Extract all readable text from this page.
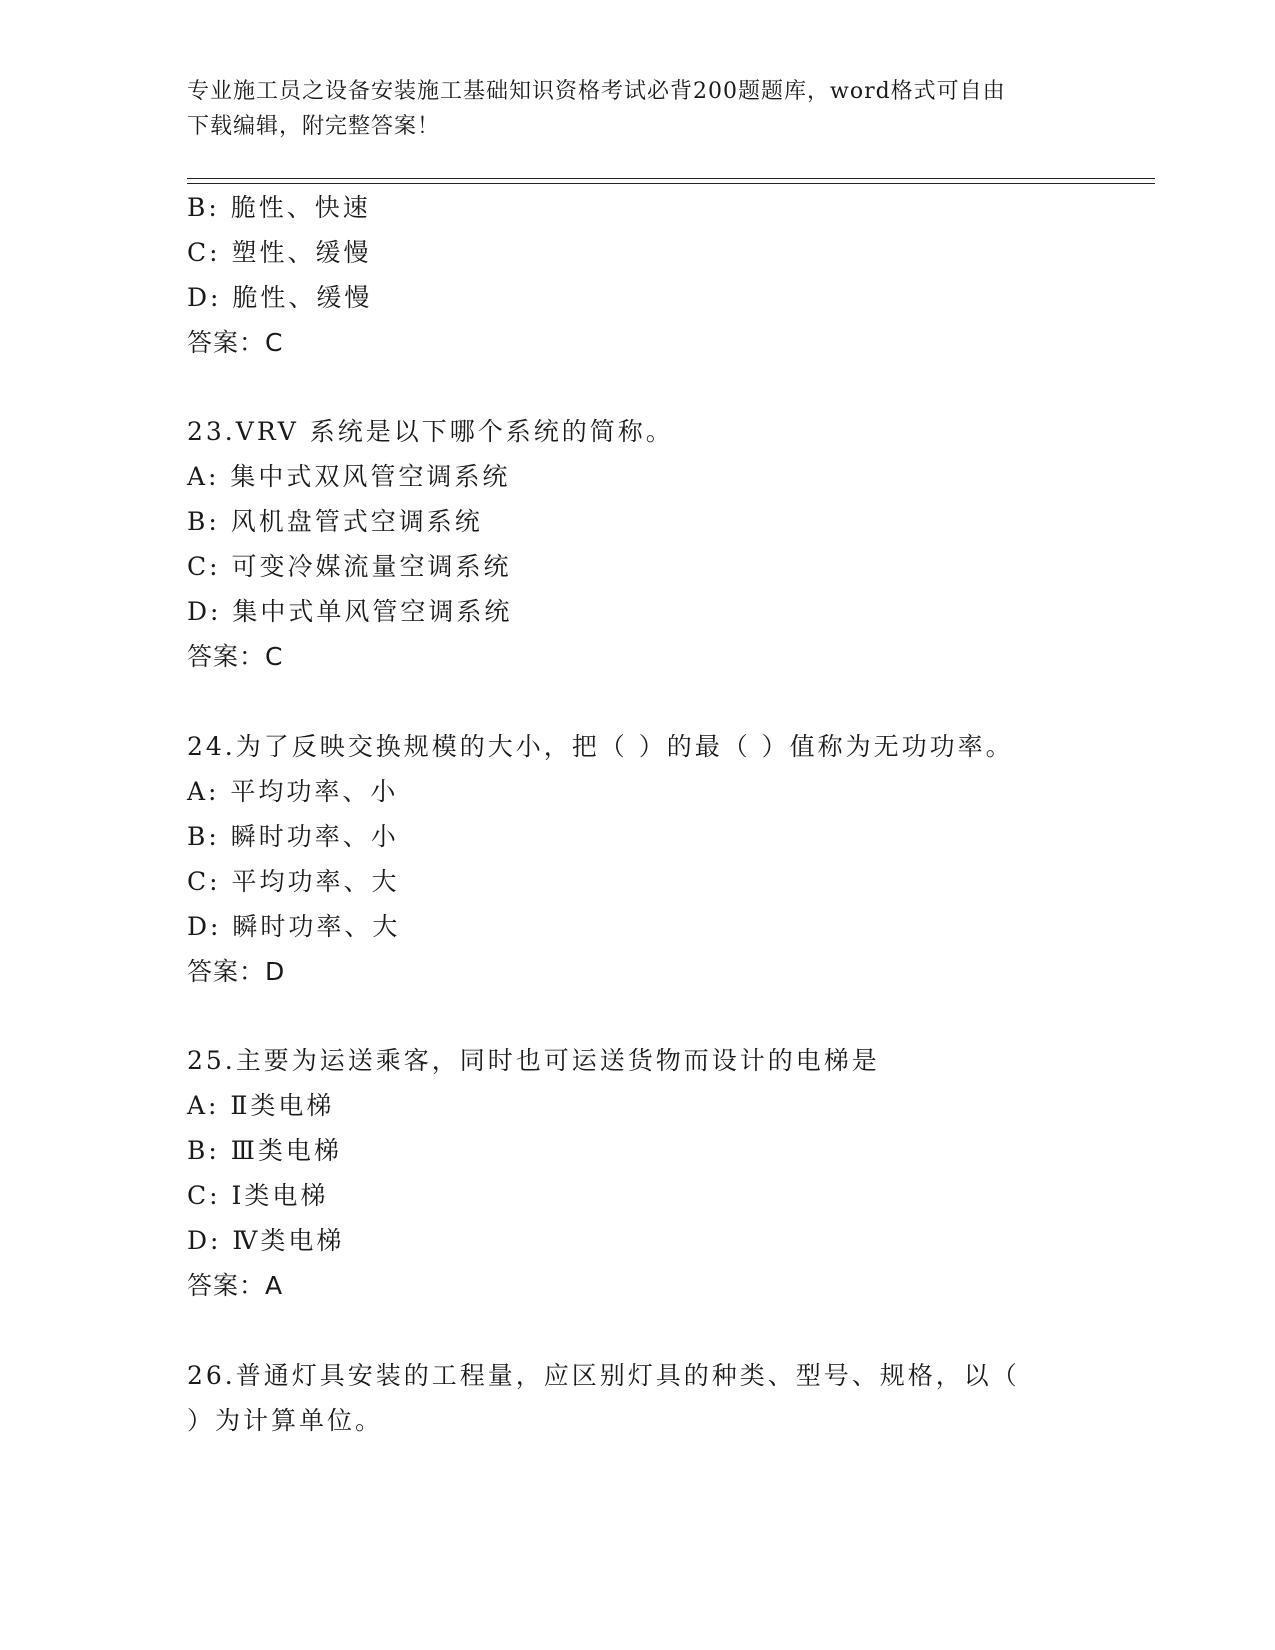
专业施工员之设备安装施工基础知识资格考试必背200题题库，word格式可自由
下载编辑，附完整答案！
B: 脆性、快速
C: 塑性、缓慢
D: 脆性、缓慢
答案：C
23.VRV 系统是以下哪个系统的简称。
A: 集中式双风管空调系统
B: 风机盘管式空调系统
C: 可变冷媒流量空调系统
D: 集中式单风管空调系统
答案：C
24.为了反映交换规模的大小，把（ ）的最（ ）值称为无功功率。
A: 平均功率、小
B: 瞬时功率、小
C: 平均功率、大
D: 瞬时功率、大
答案：D
25.主要为运送乘客，同时也可运送货物而设计的电梯是
A: Ⅱ类电梯
B: Ⅲ类电梯
C: Ⅰ类电梯
D: Ⅳ类电梯
答案：A
26.普通灯具安装的工程量，应区别灯具的种类、型号、规格，以（
）为计算单位。
